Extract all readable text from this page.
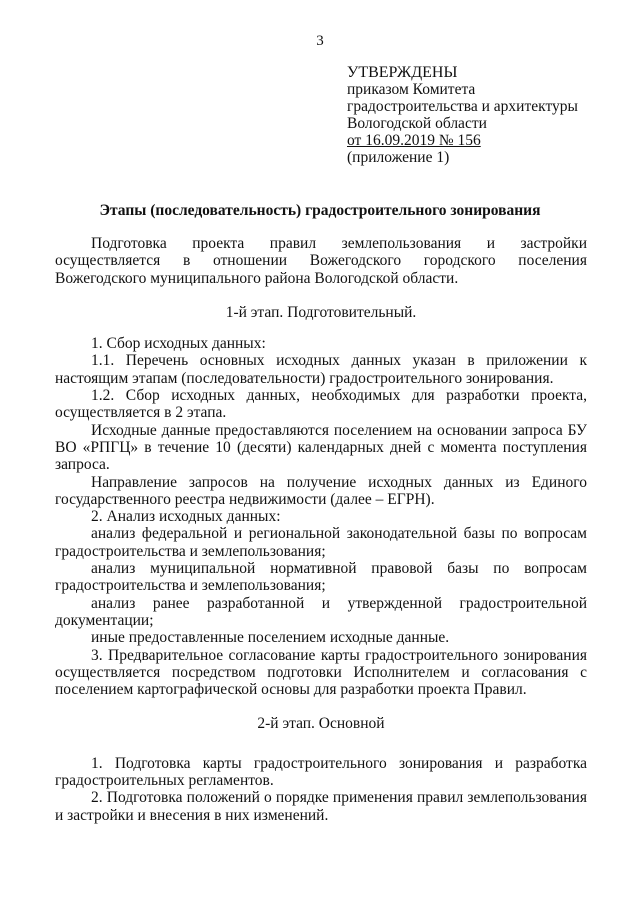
3
УТВЕРЖДЕНЫ
приказом Комитета
градостроительства и архитектуры
Вологодской области
от 16.09.2019 № 156
(приложение 1)
Этапы (последовательность) градостроительного зонирования

Подготовка проекта правил землепользования и застройки осуществляется в отношении Вожегодского городского поселения Вожегодского муниципального района Вологодской области.

1-й этап. Подготовительный.

1. Сбор исходных данных:

1.1. Перечень основных исходных данных указан в приложении к настоящим этапам (последовательности) градостроительного зонирования.

1.2. Сбор исходных данных, необходимых для разработки проекта, осуществляется в 2 этапа.

Исходные данные предоставляются поселением на основании запроса БУ ВО «РПГЦ» в течение 10 (десяти) календарных дней с момента поступления запроса.

Направление запросов на получение исходных данных из Единого государственного реестра недвижимости (далее – ЕГРН).

2. Анализ исходных данных:

анализ федеральной и региональной законодательной базы по вопросам градостроительства и землепользования;

анализ муниципальной нормативной правовой базы по вопросам градостроительства и землепользования;

анализ ранее разработанной и утвержденной градостроительной документации;

иные предоставленные поселением исходные данные.

3. Предварительное согласование карты градостроительного зонирования осуществляется посредством подготовки Исполнителем и согласования с поселением картографической основы для разработки проекта Правил.

2-й этап. Основной

1. Подготовка карты градостроительного зонирования и разработка градостроительных регламентов.

2. Подготовка положений о порядке применения правил землепользования и застройки и внесения в них изменений.
